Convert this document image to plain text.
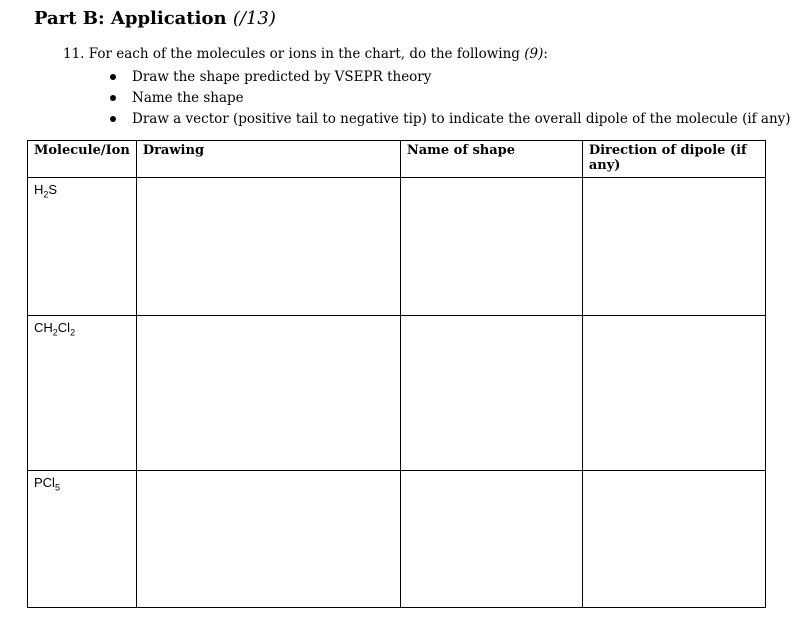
Part B: Application (/13)
11. For each of the molecules or ions in the chart, do the following (9):
Draw the shape predicted by VSEPR theory
Name the shape
Draw a vector (positive tail to negative tip) to indicate the overall dipole of the molecule (if any)
Molecule/Ion	Drawing	Name of shape	Direction of dipole (if any)
$H_2S$			
$CH_2Cl_2$			
PCl$_5$			
